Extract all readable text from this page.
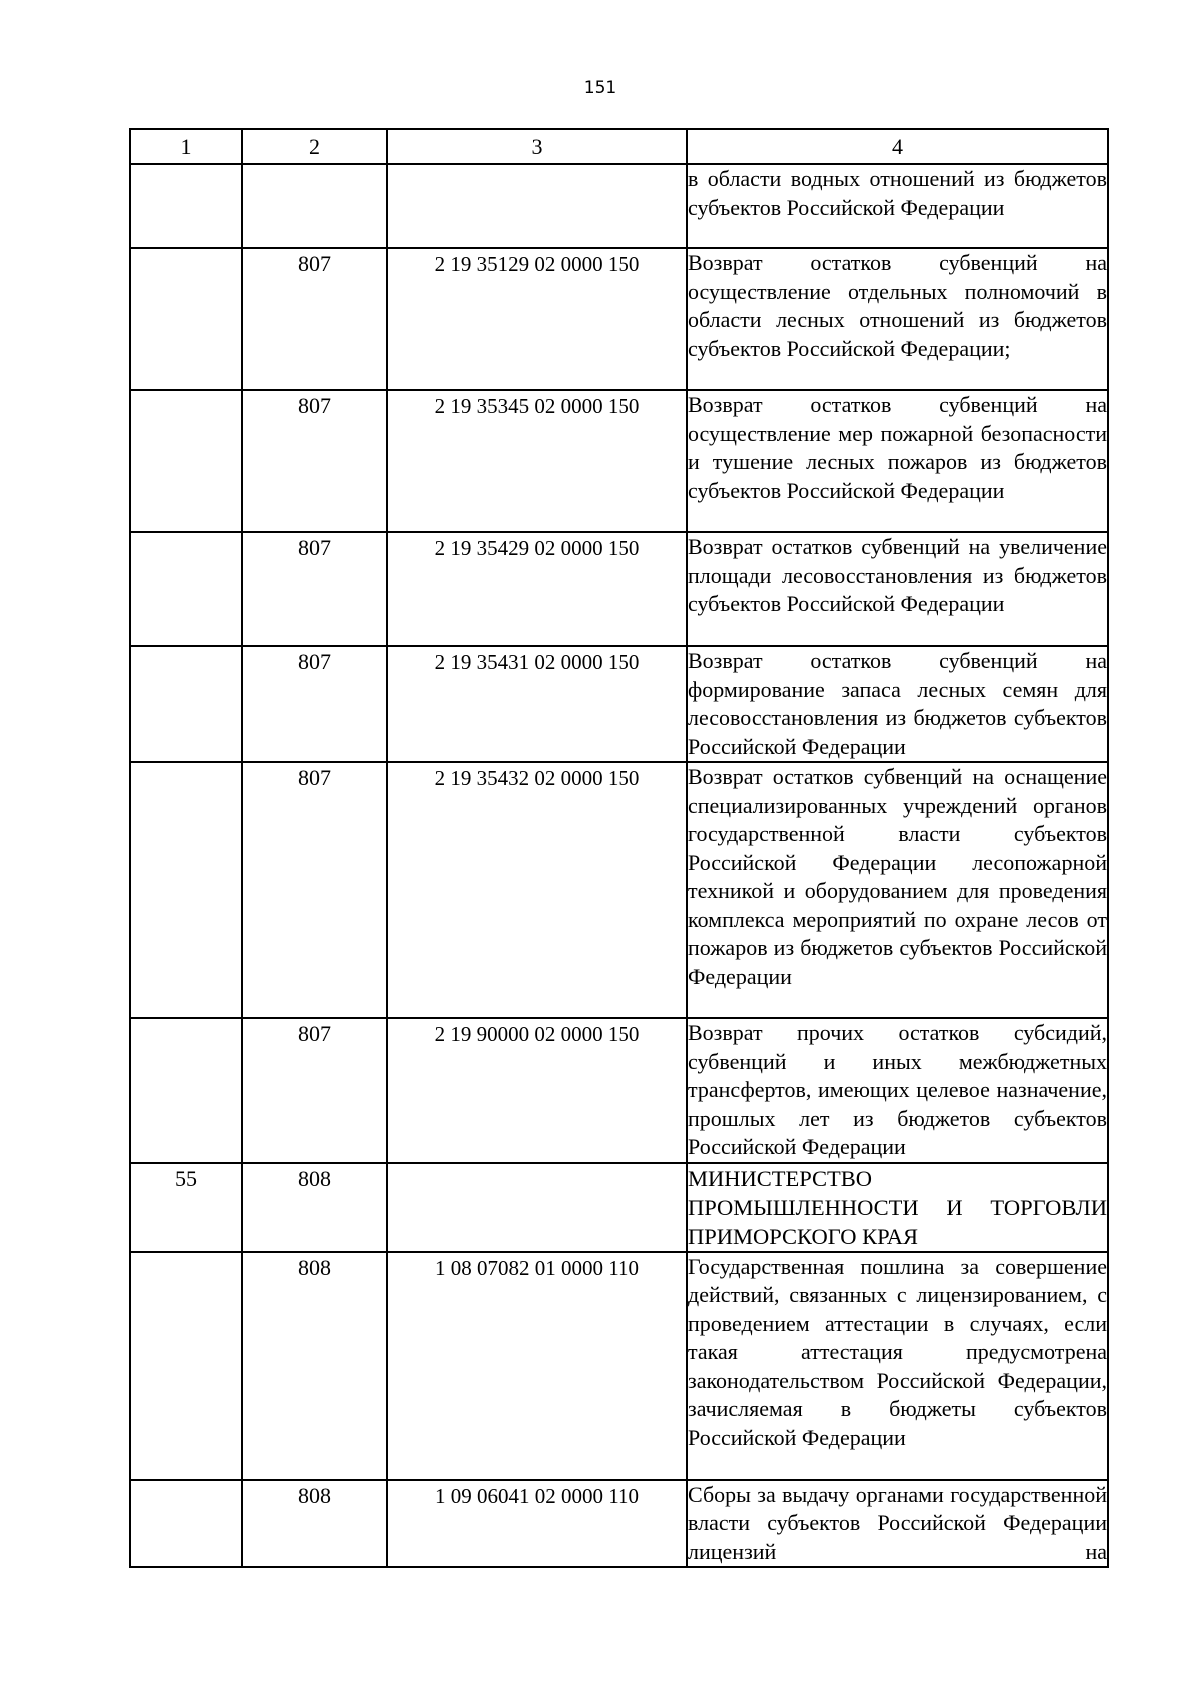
151
1	2	3	4
			в области водных отношений из бюджетов субъектов Российской Федерации
	807	2 19 35129 02 0000 150	Возврат остатков субвенций на осуществление отдельных полномочий в области лесных отношений из бюджетов субъектов Российской Федерации;
	807	2 19 35345 02 0000 150	Возврат остатков субвенций на осуществление мер пожарной безопасности и тушение лесных пожаров из бюджетов субъектов Российской Федерации
	807	2 19 35429 02 0000 150	Возврат остатков субвенций на увеличение площади лесовосстановления из бюджетов субъектов Российской Федерации
	807	2 19 35431 02 0000 150	Возврат остатков субвенций на формирование запаса лесных семян для лесовосстановления из бюджетов субъектов Российской Федерации
	807	2 19 35432 02 0000 150	Возврат остатков субвенций на оснащение специализированных учреждений органов государственной власти субъектов Российской Федерации лесопожарной техникой и оборудованием для проведения комплекса мероприятий по охране лесов от пожаров из бюджетов субъектов Российской Федерации
	807	2 19 90000 02 0000 150	Возврат прочих остатков субсидий, субвенций и иных межбюджетных трансфертов, имеющих целевое назначение, прошлых лет из бюджетов субъектов Российской Федерации
55	808		МИНИСТЕРСТВО ПРОМЫШЛЕННОСТИ И ТОРГОВЛИ ПРИМОРСКОГО КРАЯ
	808	1 08 07082 01 0000 110	Государственная пошлина за совершение действий, связанных с лицензированием, с проведением аттестации в случаях, если такая аттестация предусмотрена законодательством Российской Федерации, зачисляемая в бюджеты субъектов Российской Федерации
	808	1 09 06041 02 0000 110	Сборы за выдачу органами государственной власти субъектов Российской Федерации лицензий на
